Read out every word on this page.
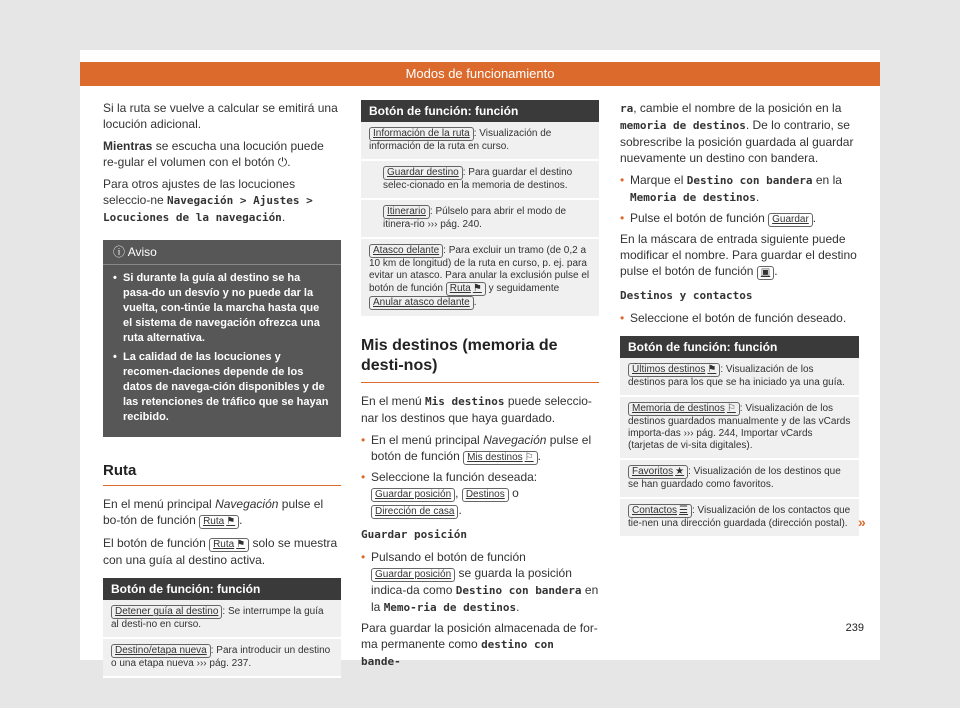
Modos de funcionamiento

Si la ruta se vuelve a calcular se emitirá una locución adicional.

Mientras se escucha una locución puede re-gular el volumen con el botón ⏻.

Para otros ajustes de las locuciones seleccio-ne Navegación > Ajustes > Locuciones de la navegación.

ⓘ Aviso
• Si durante la guía al destino se ha pasa-do un desvío y no puede dar la vuelta, con-tinúe la marcha hasta que el sistema de navegación ofrezca una ruta alternativa.
• La calidad de las locuciones y recomen-daciones depende de los datos de navega-ción disponibles y de las retenciones de tráfico que se hayan recibido.
Ruta

En el menú principal Navegación pulse el bo-tón de función Ruta ⚑ .

El botón de función Ruta ⚑ solo se muestra con una guía al destino activa.

Botón de función: función
Detener guía al destino : Se interrumpe la guía al desti-no en curso.
Destino/etapa nueva : Para introducir un destino o una etapa nueva ››› pág. 237.
Botón de función: función
Información de la ruta : Visualización de información de la ruta en curso.
Guardar destino : Para guardar el destino selec-cionado en la memoria de destinos.
Itinerario : Púlselo para abrir el modo de itinera-rio ››› pág. 240.
Atasco delante : Para excluir un tramo (de 0,2 a 10 km de longitud) de la ruta en curso, p. ej. para evitar un atasco. Para anular la exclusión pulse el botón de función Ruta ⚑ y seguidamente Anular atasco delante .
Mis destinos (memoria de desti-nos)

En el menú Mis destinos puede seleccio-nar los destinos que haya guardado.

• En el menú principal Navegación pulse el botón de función Mis destinos ⚐ .
• Seleccione la función deseada: Guardar posición , Destinos o Dirección de casa .

Guardar posición

• Pulsando el botón de función Guardar posición se guarda la posición indica-da como Destino con bandera en la Memo-ria de destinos.

Para guardar la posición almacenada de for-ma permanente como destino con bande-

ra, cambie el nombre de la posición en la memoria de destinos. De lo contrario, se sobrescribe la posición guardada al guardar nuevamente un destino con bandera.

• Marque el Destino con bandera en la Memoria de destinos.
• Pulse el botón de función Guardar .

En la máscara de entrada siguiente puede modificar el nombre. Para guardar el destino pulse el botón de función ▣ .

Destinos y contactos

• Seleccione el botón de función deseado.
Botón de función: función
Últimos destinos ⚑ : Visualización de los destinos para los que se ha iniciado ya una guía.
Memoria de destinos ⚐ : Visualización de los destinos guardados manualmente y de las vCards importa-das ››› pág. 244, Importar vCards (tarjetas de vi-sita digitales).
Favoritos ★ : Visualización de los destinos que se han guardado como favoritos.
Contactos ☰ : Visualización de los contactos que tie-nen una dirección guardada (dirección postal). »
239
